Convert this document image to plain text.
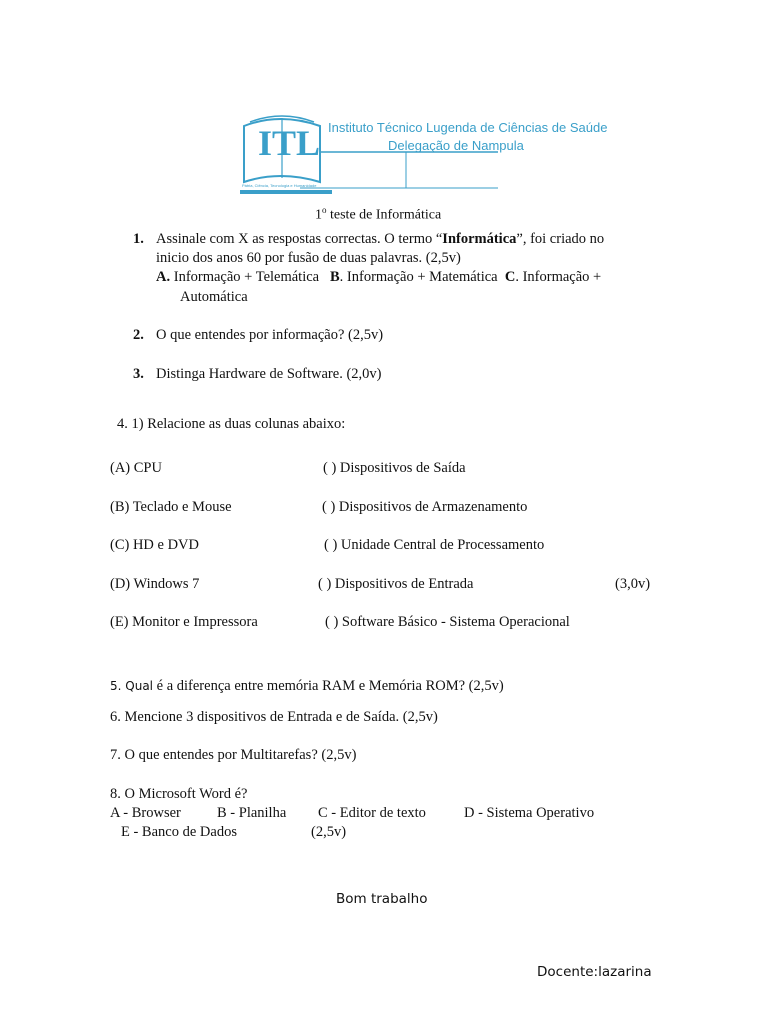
ITL Instituto Técnico Lugenda de Ciências de Saúde
Delegação de Nampula
Pátria, Ciência, Tecnologia e Humanidade
1$^o$ teste de Informática
1. Assinale com X as respostas correctas. O termo “Informática”, foi criado no
inicio dos anos 60 por fusão de duas palavras. (2,5v)
A. Informação + Telemática B. Informação + Matemática C. Informação +
Automática
2. O que entendes por informação? (2,5v)
3. Distinga Hardware de Software. (2,0v)
4. 1) Relacione as duas colunas abaixo:
(A) CPU	( ) Dispositivos de Saída
(B) Teclado e Mouse	( ) Dispositivos de Armazenamento
(C) HD e DVD	( ) Unidade Central de Processamento
(D) Windows 7	( ) Dispositivos de Entrada	(3,0v)
(E) Monitor e Impressora	( ) Software Básico - Sistema Operacional
5. Qual é a diferença entre memória RAM e Memória ROM? (2,5v)
6. Mencione 3 dispositivos de Entrada e de Saída. (2,5v)
7. O que entendes por Multitarefas? (2,5v)
8. O Microsoft Word é?
A - Browser B - Planilha C - Editor de texto	D - Sistema Operativo
E - Banco de Dados	(2,5v)
Bom trabalho
Docente:lazarina
